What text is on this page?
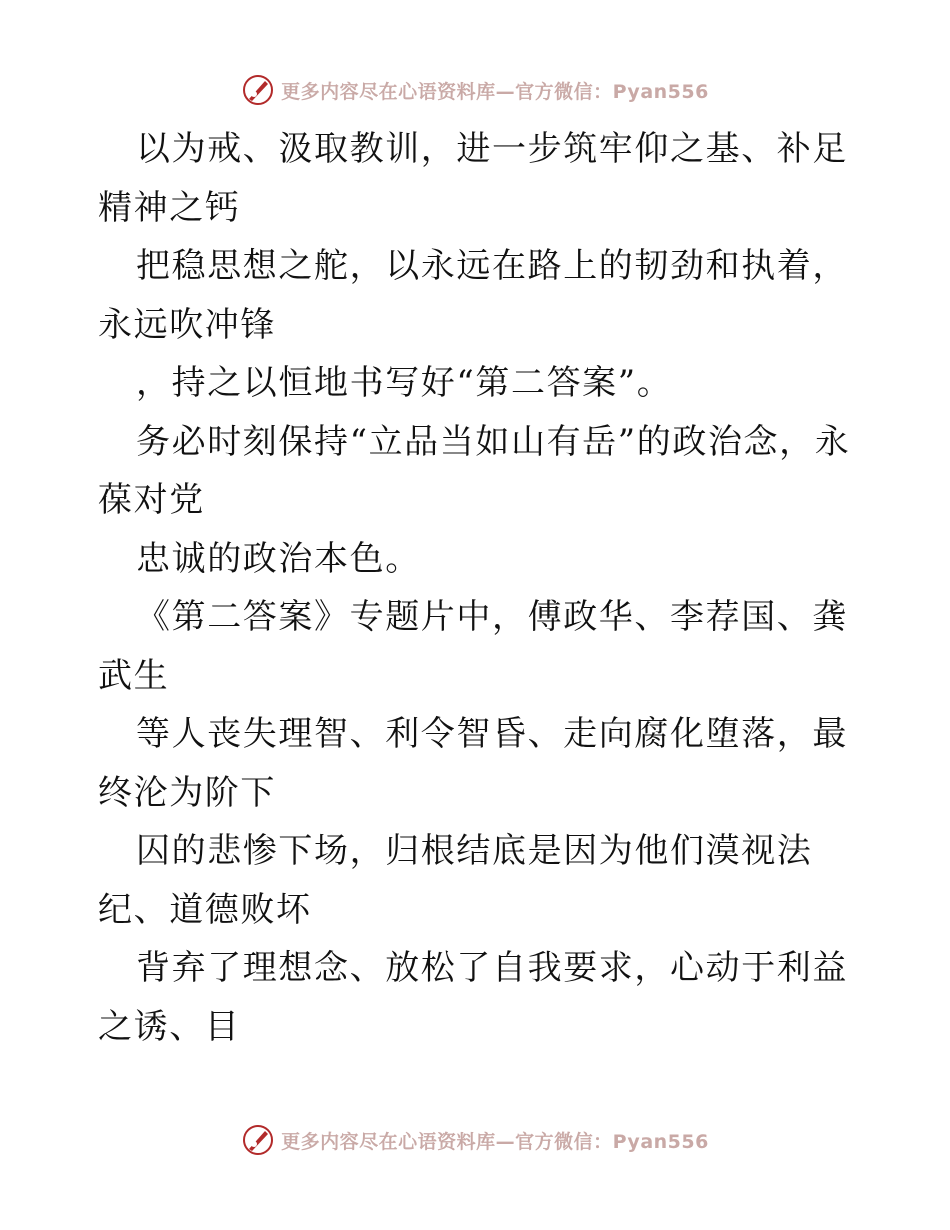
更多内容尽在心语资料库—官方微信：Pyan556

以为戒、汲取教训，进一步筑牢仰之基、补足精神之钙

把稳思想之舵，以永远在路上的韧劲和执着，永远吹冲锋

，持之以恒地书写好“第二答案”。

务必时刻保持“立品当如山有岳”的政治念，永葆对党

忠诚的政治本色。

《第二答案》专题片中，傅政华、李荐国、龚武生

等人丧失理智、利令智昏、走向腐化堕落，最终沦为阶下

囚的悲惨下场，归根结底是因为他们漠视法纪、道德败坏

背弃了理想念、放松了自我要求，心动于利益之诱、目

更多内容尽在心语资料库—官方微信：Pyan556
